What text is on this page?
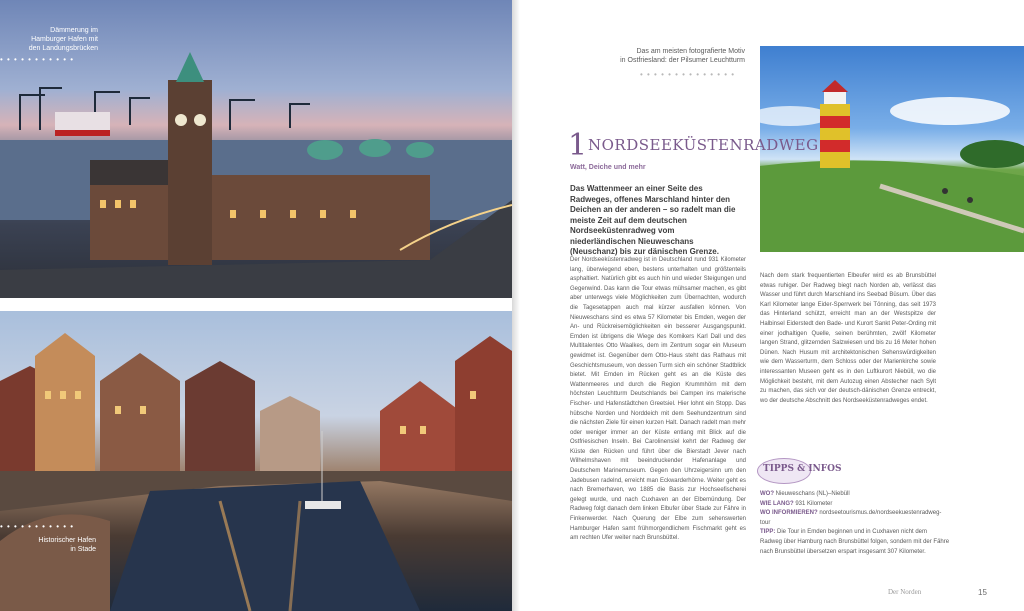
Dämmerung im
Hamburger Hafen mit
den Landungsbrücken
• • • • • • • • • • •
Historischer Hafen
in Stade
• • • • • • • • • • •
Das am meisten fotografierte Motiv
in Ostfriesland: der Pilsumer Leuchtturm
• • • • • • • • • • • • • •
1 NORDSEEKÜSTENRADWEG
Watt, Deiche und mehr
Das Wattenmeer an einer Seite des Radweges, offenes Marschland hinter den Deichen an der anderen – so radelt man die meiste Zeit auf dem deutschen Nordseeküstenradweg vom niederländischen Nieuweschans (Neuschanz) bis zur dänischen Grenze.
Der Nordseeküstenradweg ist in Deutschland rund 931 Kilometer lang, überwiegend eben, bestens unterhalten und größtenteils asphaltiert. Natürlich gibt es auch hin und wieder Steigungen und Gegenwind. Das kann die Tour etwas mühsamer machen, es gibt aber unterwegs viele Möglichkeiten zum Übernachten, wodurch die Tagesetappen auch mal kürzer ausfallen können. Von Nieuweschans sind es etwa 57 Kilometer bis Emden, wegen der An- und Rückreisemöglichkeiten ein besserer Ausgangspunkt. Emden ist übrigens die Wiege des Komikers Karl Dall und des Multitalentes Otto Waalkes, dem im Zentrum sogar ein Museum gewidmet ist. Gegenüber dem Otto-Haus steht das Rathaus mit Geschichtsmuseum, von dessen Turm sich ein schöner Stadtblick bietet. Mit Emden im Rücken geht es an die Küste des Wattenmeeres und durch die Region Krummhörn mit dem höchsten Leuchtturm Deutschlands bei Campen ins malerische Fischer- und Hafenstädtchen Greetsiel. Hier lohnt ein Stopp. Das hübsche Norden und Norddeich mit dem Seehundzentrum sind die nächsten Ziele für einen kurzen Halt. Danach radelt man mehr oder weniger immer an der Küste entlang mit Blick auf die Ostfriesischen Inseln. Bei Carolinensiel kehrt der Radweg der Küste den Rücken und führt über die Bierstadt Jever nach Wilhelmshaven mit beeindruckender Hafenanlage und Deutschem Marinemuseum. Gegen den Uhrzeigersinn um den Jadebusen radelnd, erreicht man Eckwarderhörne. Weiter geht es nach Bremerhaven, wo 1885 die Basis zur Hochseefischerei gelegt wurde, und nach Cuxhaven an der Elbemündung. Der Radweg folgt danach dem linken Elbufer über Stade zur Fähre in Finkenwerder. Nach Querung der Elbe zum sehenswerten Hamburger Hafen samt frühmorgendlichem Fischmarkt geht es am rechten Ufer weiter nach Brunsbüttel.
Nach dem stark frequentierten Elbeufer wird es ab Brunsbüttel etwas ruhiger. Der Radweg biegt nach Norden ab, verlässt das Wasser und führt durch Marschland ins Seebad Büsum. Über das Karl Kilometer lange Eider-Sperrwerk bei Tönning, das seit 1973 das Hinterland schützt, erreicht man an der Westspitze der Halbinsel Eiderstedt den Bade- und Kurort Sankt Peter-Ording mit einer jodhaltigen Quelle, seinen berühmten, zwölf Kilometer langen Strand, glitzernden Salzwiesen und bis zu 16 Meter hohen Dünen. Nach Husum mit architektonischen Sehenswürdigkeiten wie dem Wasserturm, dem Schloss oder der Marienkirche sowie interessanten Museen geht es in den Luftkurort Niebüll, wo die Möglichkeit besteht, mit dem Autozug einen Abstecher nach Sylt zu machen, das sich vor der deutsch-dänischen Grenze entreckt, wo der deutsche Abschnitt des Nordseeküstenradweges endet.
TIPPS & INFOS
WO? Nieuweschans (NL)–Niebüll
WIE LANG? 931 Kilometer
WO INFORMIEREN? nordseetourismus.de/nordseekuestenradweg-tour
TIPP: Die Tour in Emden beginnen und in Cuxhaven nicht dem Radweg über Hamburg nach Brunsbüttel folgen, sondern mit der Fähre nach Brunsbüttel übersetzen erspart insgesamt 307 Kilometer.
Der Norden	15
